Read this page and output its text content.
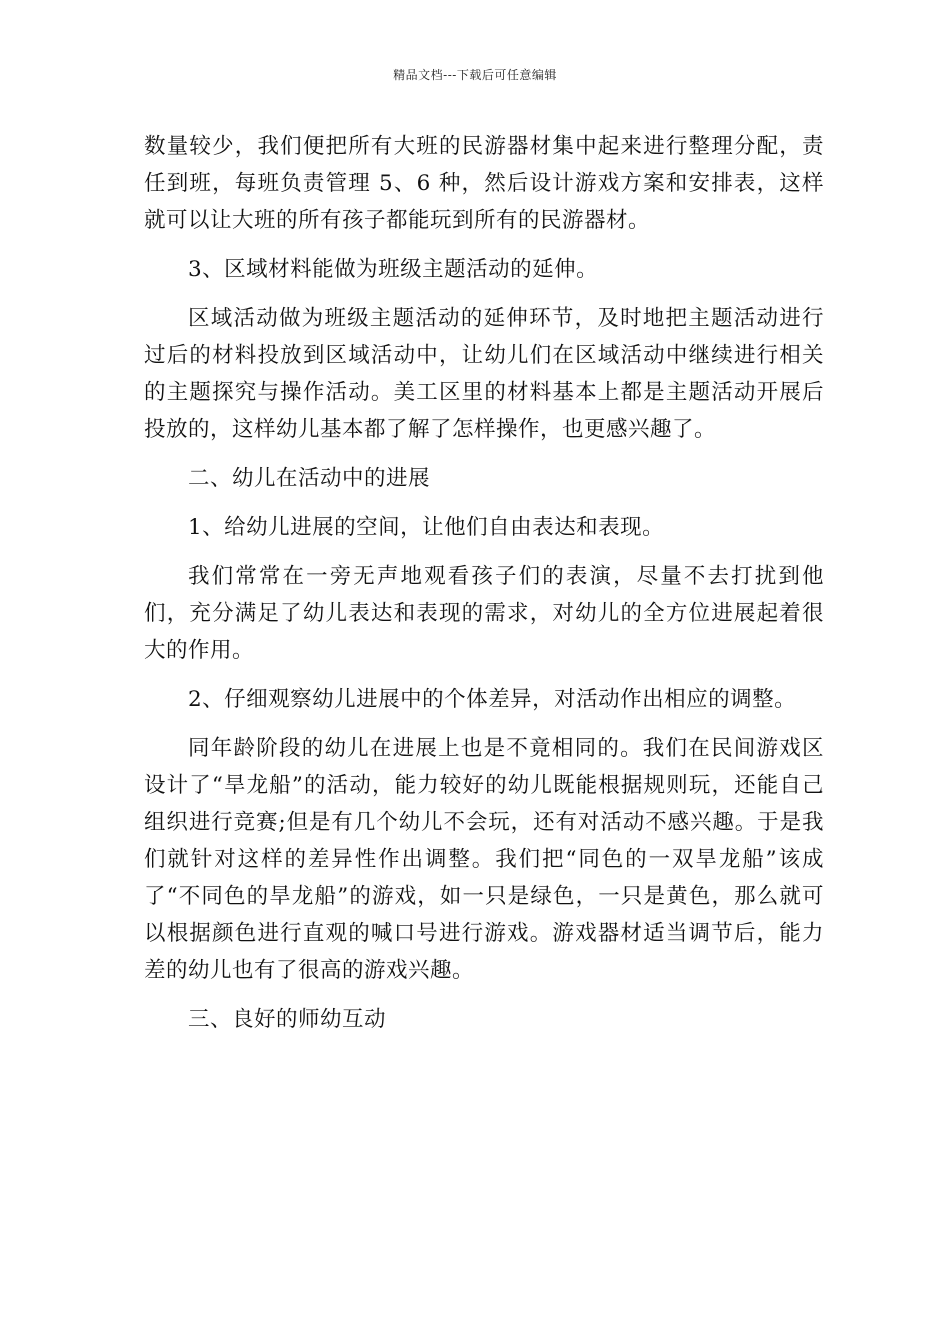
精品文档---下载后可任意编辑

数量较少，我们便把所有大班的民游器材集中起来进行整理分配，责任到班，每班负责管理 5、6 种，然后设计游戏方案和安排表，这样就可以让大班的所有孩子都能玩到所有的民游器材。

3、区域材料能做为班级主题活动的延伸。

区域活动做为班级主题活动的延伸环节，及时地把主题活动进行过后的材料投放到区域活动中，让幼儿们在区域活动中继续进行相关的主题探究与操作活动。美工区里的材料基本上都是主题活动开展后投放的，这样幼儿基本都了解了怎样操作，也更感兴趣了。

二、幼儿在活动中的进展

1、给幼儿进展的空间，让他们自由表达和表现。

我们常常在一旁无声地观看孩子们的表演，尽量不去打扰到他们，充分满足了幼儿表达和表现的需求，对幼儿的全方位进展起着很大的作用。

2、仔细观察幼儿进展中的个体差异，对活动作出相应的调整。

同年龄阶段的幼儿在进展上也是不竟相同的。我们在民间游戏区设计了“旱龙船”的活动，能力较好的幼儿既能根据规则玩，还能自己组织进行竞赛;但是有几个幼儿不会玩，还有对活动不感兴趣。于是我们就针对这样的差异性作出调整。我们把“同色的一双旱龙船”该成了“不同色的旱龙船”的游戏，如一只是绿色，一只是黄色，那么就可以根据颜色进行直观的喊口号进行游戏。游戏器材适当调节后，能力差的幼儿也有了很高的游戏兴趣。

三、良好的师幼互动
